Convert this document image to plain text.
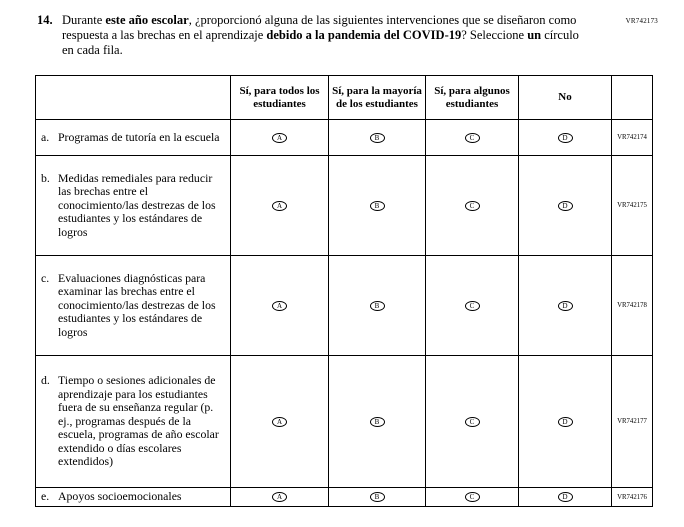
VR742173
14. Durante este año escolar, ¿proporcionó alguna de las siguientes intervenciones que se diseñaron como respuesta a las brechas en el aprendizaje debido a la pandemia del COVID-19? Seleccione un círculo en cada fila.
	Sí, para todos los estudiantes	Sí, para la mayoría de los estudiantes	Sí, para algunos estudiantes	No	

a. Programas de tutoría en la escuela	A	B	C	D	VR742174

b. Medidas remediales para reducir las brechas entre el conocimiento/las destrezas de los estudiantes y los estándares de logros	A	B	C	D	VR742175

c. Evaluaciones diagnósticas para examinar las brechas entre el conocimiento/las destrezas de los estudiantes y los estándares de logros	A	B	C	D	VR742178

d. Tiempo o sesiones adicionales de aprendizaje para los estudiantes fuera de su enseñanza regular (p. ej., programas después de la escuela, programas de año escolar extendido o días escolares extendidos)	A	B	C	D	VR742177

e. Apoyos socioemocionales	A	B	C	D	VR742176
